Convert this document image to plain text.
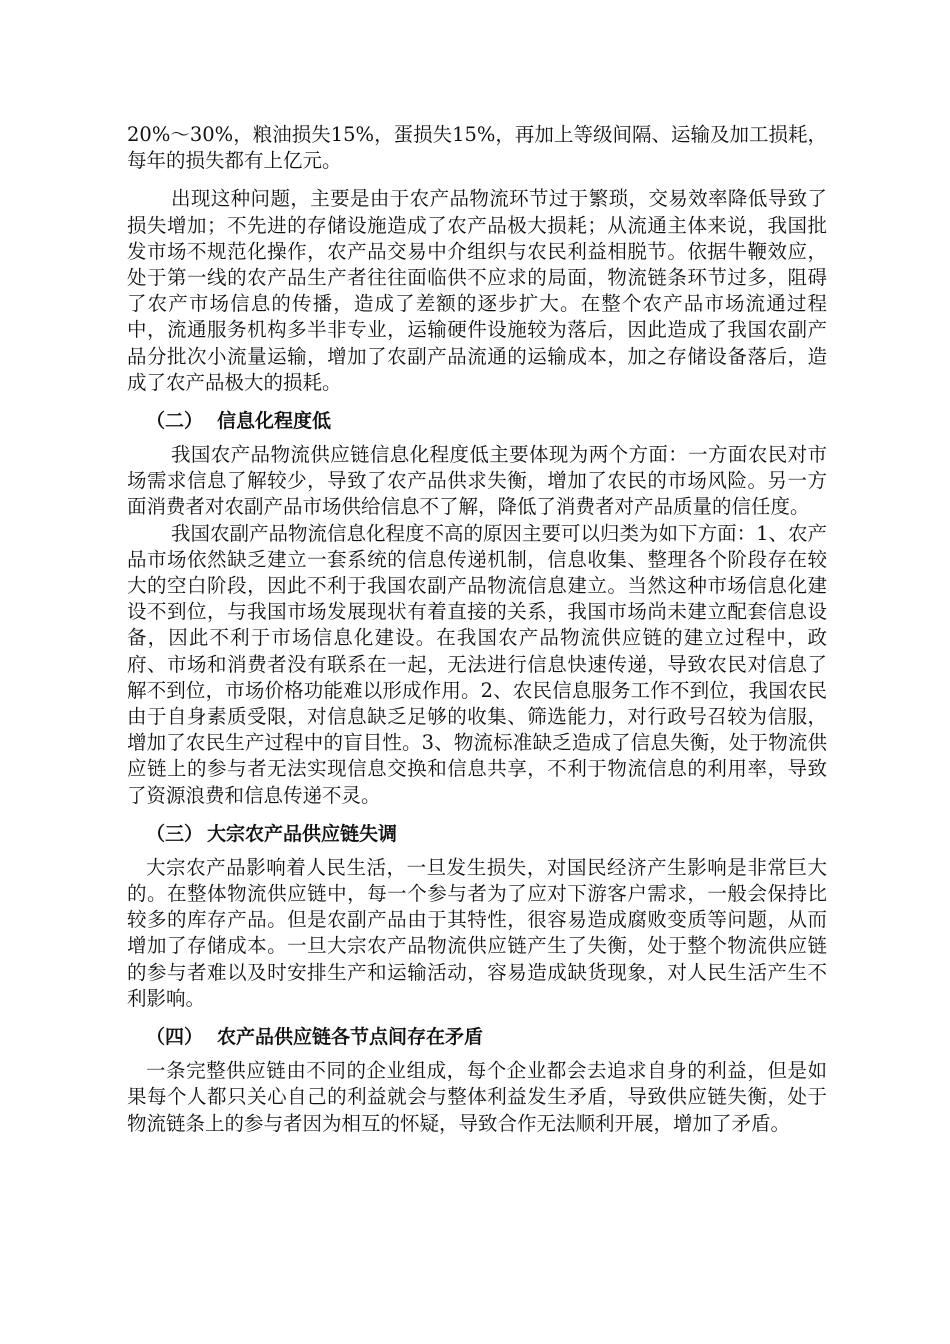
20%～30%，粮油损失15%，蛋损失15%，再加上等级间隔、运输及加工损耗，每年的损失都有上亿元。

出现这种问题，主要是由于农产品物流环节过于繁琐，交易效率降低导致了损失增加；不先进的存储设施造成了农产品极大损耗；从流通主体来说，我国批发市场不规范化操作，农产品交易中介组织与农民利益相脱节。依据牛鞭效应，处于第一线的农产品生产者往往面临供不应求的局面，物流链条环节过多，阻碍了农产市场信息的传播，造成了差额的逐步扩大。在整个农产品市场流通过程中，流通服务机构多半非专业，运输硬件设施较为落后，因此造成了我国农副产品分批次小流量运输，增加了农副产品流通的运输成本，加之存储设备落后，造成了农产品极大的损耗。

（二） 信息化程度低

我国农产品物流供应链信息化程度低主要体现为两个方面：一方面农民对市场需求信息了解较少，导致了农产品供求失衡，增加了农民的市场风险。另一方面消费者对农副产品市场供给信息不了解，降低了消费者对产品质量的信任度。

我国农副产品物流信息化程度不高的原因主要可以归类为如下方面：1、农产品市场依然缺乏建立一套系统的信息传递机制，信息收集、整理各个阶段存在较大的空白阶段，因此不利于我国农副产品物流信息建立。当然这种市场信息化建设不到位，与我国市场发展现状有着直接的关系，我国市场尚未建立配套信息设备，因此不利于市场信息化建设。在我国农产品物流供应链的建立过程中，政府、市场和消费者没有联系在一起，无法进行信息快速传递，导致农民对信息了解不到位，市场价格功能难以形成作用。2、农民信息服务工作不到位，我国农民由于自身素质受限，对信息缺乏足够的收集、筛选能力，对行政号召较为信服，增加了农民生产过程中的盲目性。3、物流标准缺乏造成了信息失衡，处于物流供应链上的参与者无法实现信息交换和信息共享，不利于物流信息的利用率，导致了资源浪费和信息传递不灵。

（三） 大宗农产品供应链失调

大宗农产品影响着人民生活，一旦发生损失，对国民经济产生影响是非常巨大的。在整体物流供应链中，每一个参与者为了应对下游客户需求，一般会保持比较多的库存产品。但是农副产品由于其特性，很容易造成腐败变质等问题，从而增加了存储成本。一旦大宗农产品物流供应链产生了失衡，处于整个物流供应链的参与者难以及时安排生产和运输活动，容易造成缺货现象，对人民生活产生不利影响。

（四） 农产品供应链各节点间存在矛盾

一条完整供应链由不同的企业组成，每个企业都会去追求自身的利益，但是如果每个人都只关心自己的利益就会与整体利益发生矛盾，导致供应链失衡，处于物流链条上的参与者因为相互的怀疑，导致合作无法顺利开展，增加了矛盾。
